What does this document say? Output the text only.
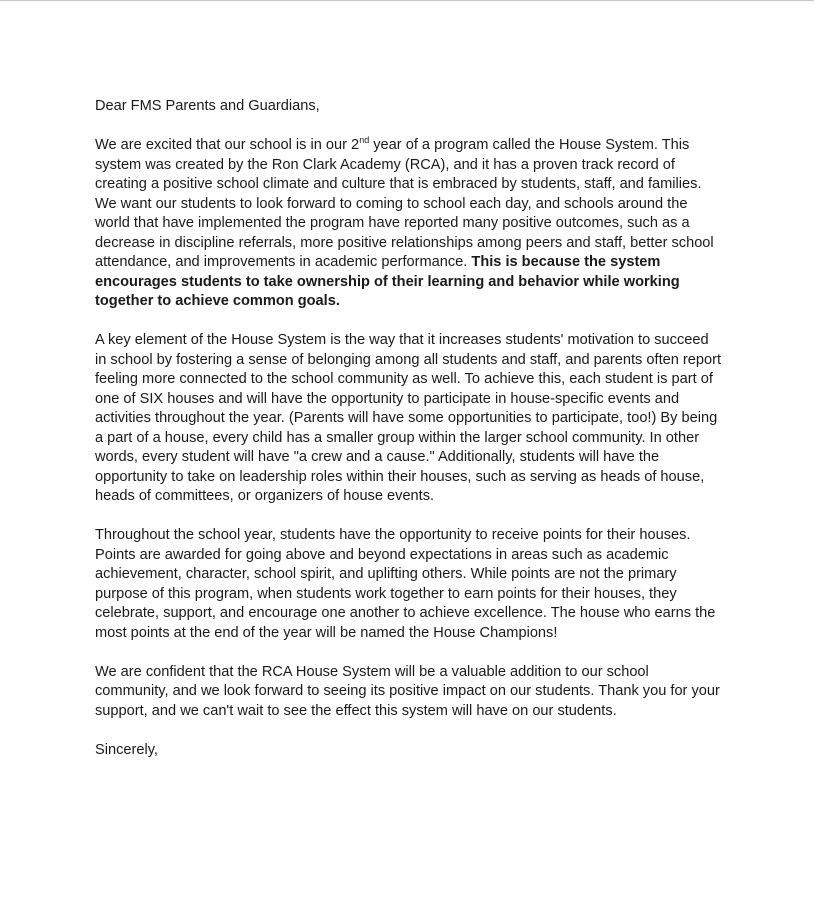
Dear FMS Parents and Guardians,

We are excited that our school is in our 2nd year of a program called the House System. This system was created by the Ron Clark Academy (RCA), and it has a proven track record of creating a positive school climate and culture that is embraced by students, staff, and families. We want our students to look forward to coming to school each day, and schools around the world that have implemented the program have reported many positive outcomes, such as a decrease in discipline referrals, more positive relationships among peers and staff, better school attendance, and improvements in academic performance. This is because the system encourages students to take ownership of their learning and behavior while working together to achieve common goals.

A key element of the House System is the way that it increases students' motivation to succeed in school by fostering a sense of belonging among all students and staff, and parents often report feeling more connected to the school community as well. To achieve this, each student is part of one of SIX houses and will have the opportunity to participate in house-specific events and activities throughout the year. (Parents will have some opportunities to participate, too!) By being a part of a house, every child has a smaller group within the larger school community. In other words, every student will have "a crew and a cause." Additionally, students will have the opportunity to take on leadership roles within their houses, such as serving as heads of house, heads of committees, or organizers of house events.

Throughout the school year, students have the opportunity to receive points for their houses. Points are awarded for going above and beyond expectations in areas such as academic achievement, character, school spirit, and uplifting others. While points are not the primary purpose of this program, when students work together to earn points for their houses, they celebrate, support, and encourage one another to achieve excellence. The house who earns the most points at the end of the year will be named the House Champions!

We are confident that the RCA House System will be a valuable addition to our school community, and we look forward to seeing its positive impact on our students. Thank you for your support, and we can't wait to see the effect this system will have on our students.

Sincerely,
